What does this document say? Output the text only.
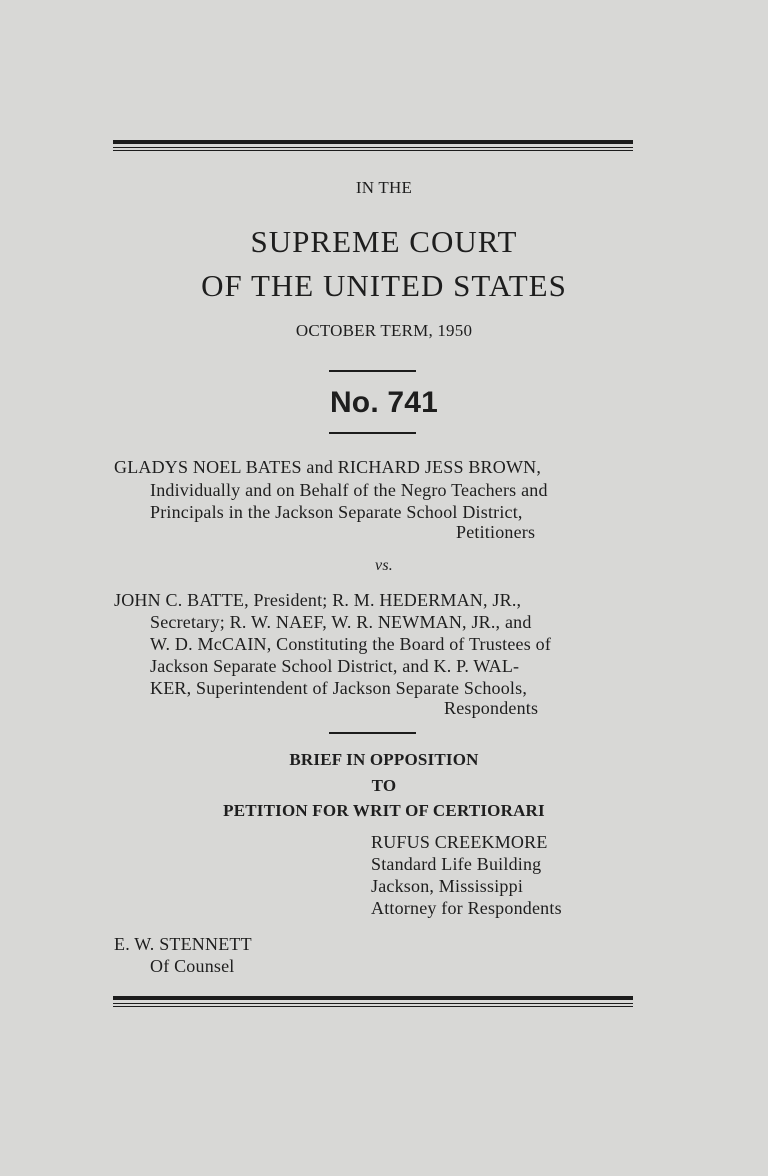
IN THE
SUPREME COURT
OF THE UNITED STATES
OCTOBER TERM, 1950
No. 741
GLADYS NOEL BATES and RICHARD JESS BROWN,
Individually and on Behalf of the Negro Teachers and
Principals in the Jackson Separate School District,
Petitioners
vs.
JOHN C. BATTE, President; R. M. HEDERMAN, JR.,
Secretary; R. W. NAEF, W. R. NEWMAN, JR., and
W. D. McCAIN, Constituting the Board of Trustees of
Jackson Separate School District, and K. P. WAL-
KER, Superintendent of Jackson Separate Schools,
Respondents
BRIEF IN OPPOSITION
TO
PETITION FOR WRIT OF CERTIORARI
RUFUS CREEKMORE
Standard Life Building
Jackson, Mississippi
Attorney for Respondents
E. W. STENNETT
Of Counsel
